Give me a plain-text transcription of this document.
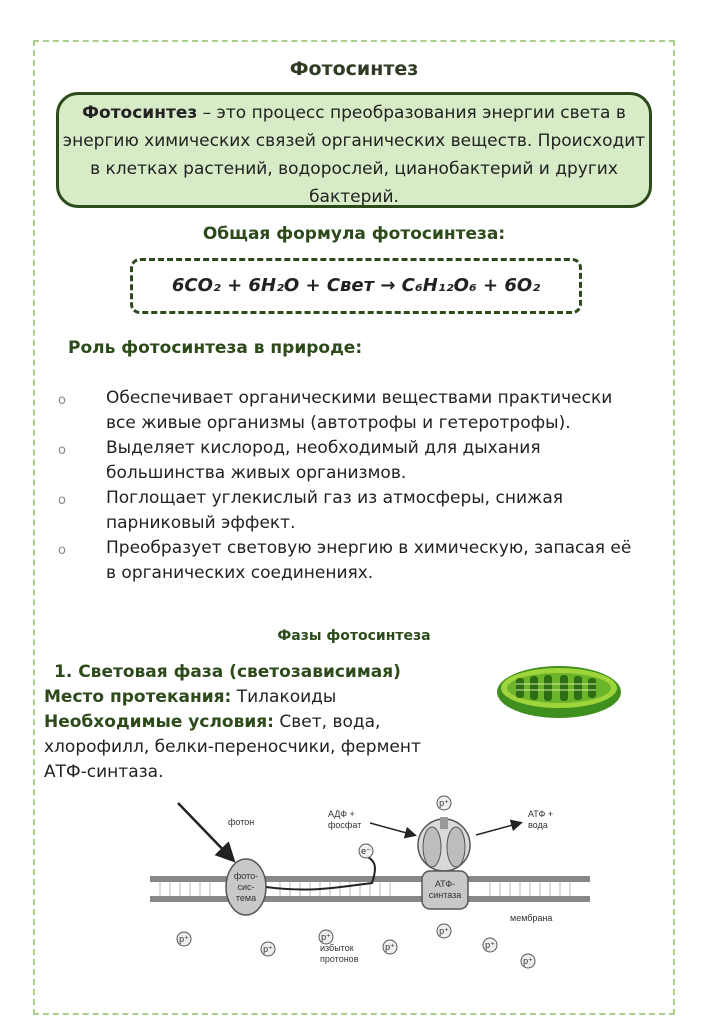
Фотосинтез
Фотосинтез – это процесс преобразования энергии света в энергию химических связей органических веществ. Происходит в клетках растений, водорослей, цианобактерий и других бактерий.
Общая формула фотосинтеза:
6CO₂ + 6H₂O + Свет → C₆H₁₂O₆ + 6O₂
Роль фотосинтеза в природе:
o Обеспечивает органическими веществами практически все живые организмы (автотрофы и гетеротрофы).
o Выделяет кислород, необходимый для дыхания большинства живых организмов.
o Поглощает углекислый газ из атмосферы, снижая парниковый эффект.
o Преобразует световую энергию в химическую, запасая её в органических соединениях.
Фазы фотосинтеза
1. Световая фаза (светозависимая)
Место протекания: Тилакоиды
Необходимые условия: Свет, вода, хлорофилл, белки-переносчики, фермент АТФ-синтаза.
мембрана
фотон
фото-
сис-
тема
e⁻
АТФ-
синтаза
p⁺
АДФ +
фосфат
АТФ +
вода
p⁺
p⁺
p⁺
p⁺
p⁺
p⁺
p⁺
избыток
протонов
